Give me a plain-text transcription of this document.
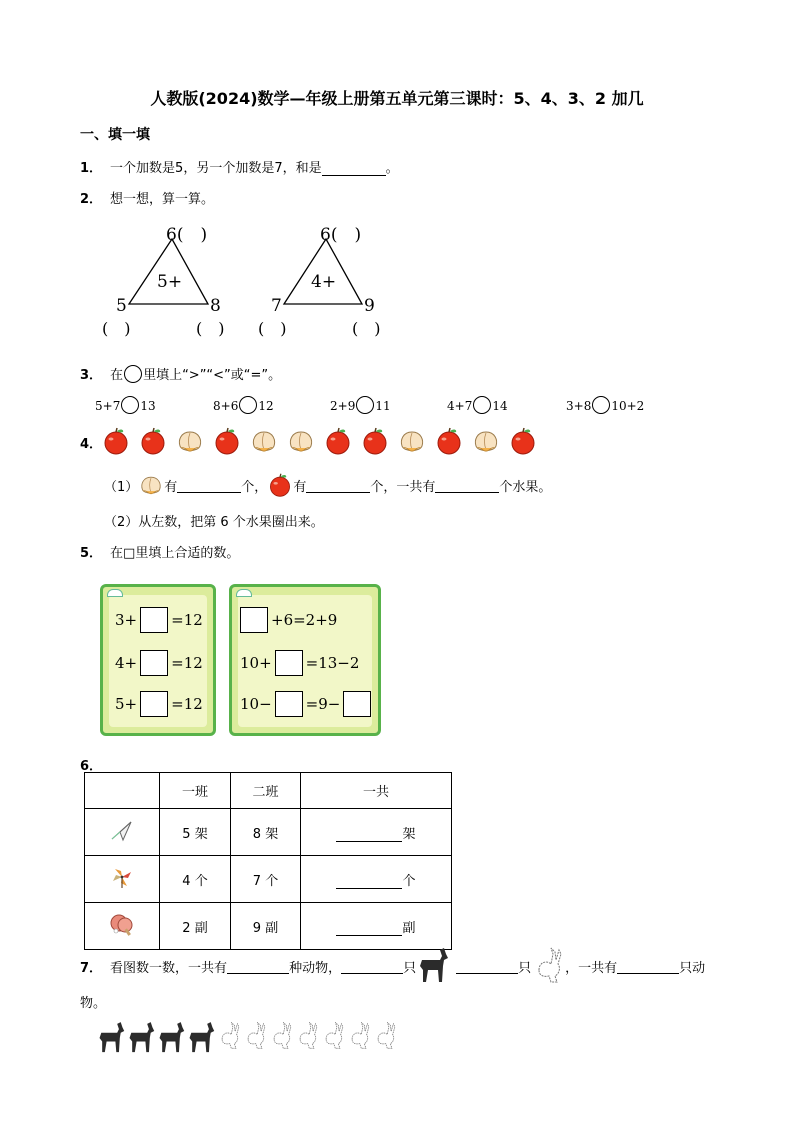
人教版(2024)数学—年级上册第五单元第三课时：5、4、3、2 加几
一、填一填
1． 一个加数是5，另一个加数是7，和是	。
2． 想一想，算一算。
6(　)
5+
5	8
(　)	(　)
6(　)
4+
7	9
(　)	(　)
3． 在 里填上“>”“<”或“=”。
5+7 13	8+6 12	2+9 11	4+7 14	3+8 10+2
4．
（1） 有	个， 有	个，一共有	个水果。
（2）从左数，把第 6 个水果圈出来。
5． 在□里填上合适的数。
3+ =12
4+ =12
5+ =12
+6=2+9
10+ =13−2
10− =9−
6．
	一班	二班	一共
	5 架	8 架	架
	4 个	7 个	个
	2 副	9 副	副
7． 看图数一数，一共有	种动物，	只	只	，一共有	只动
物。
